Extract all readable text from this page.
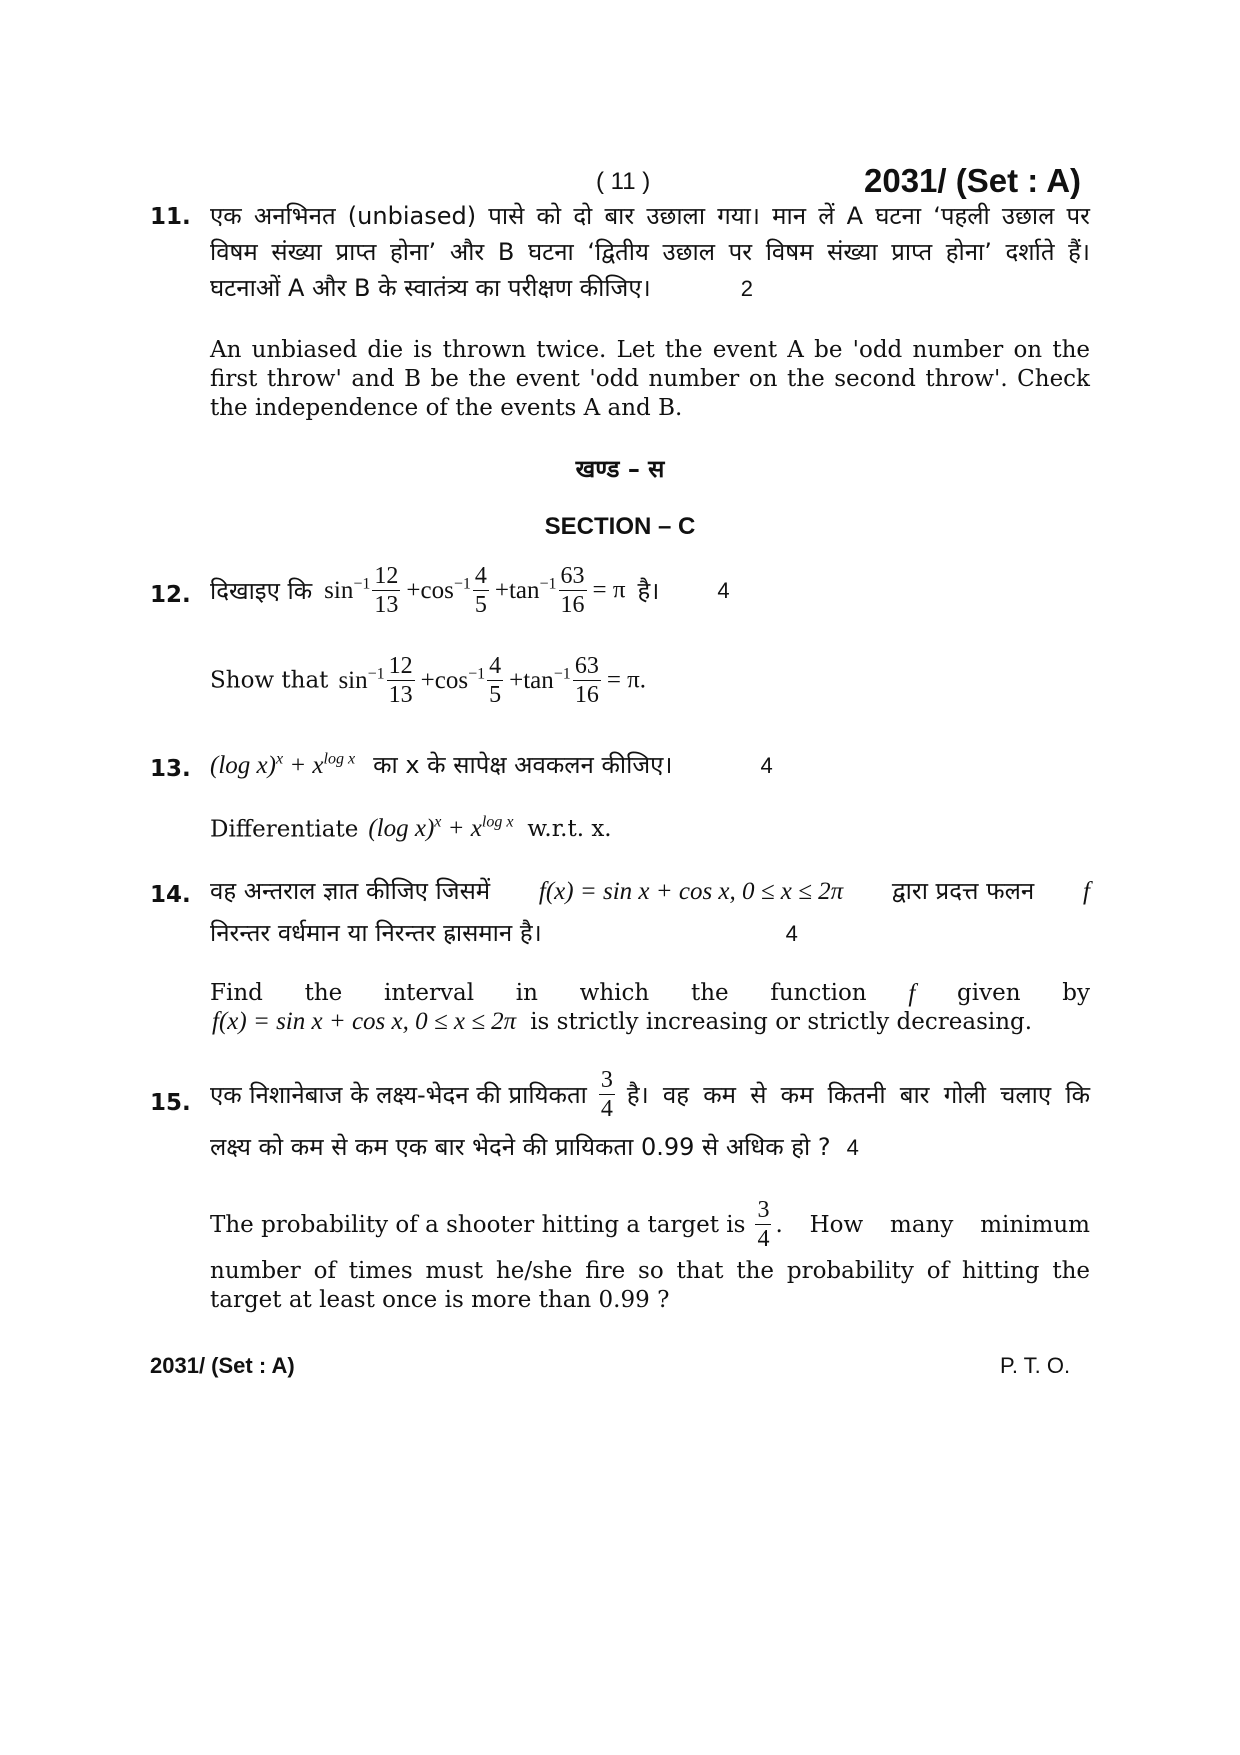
( 11 )	2031/ (Set : A)
11. एक अनभिनत (unbiased) पासे को दो बार उछाला गया। मान लें A घटना ‘पहली उछाल पर
विषम संख्या प्राप्त होना’ और B घटना ‘द्वितीय उछाल पर विषम संख्या प्राप्त होना’ दर्शाते हैं।
घटनाओं A और B के स्वातंत्र्य का परीक्षण कीजिए।	2
An unbiased die is thrown twice. Let the event A be 'odd number on the first throw' and B be the event 'odd number on the second throw'. Check the independence of the events A and B.
खण्ड – स
SECTION – C
12. दिखाइए कि $\sin^{-1} \frac{12}{13} +\cos^{-1} \frac{4}{5} +\tan^{-1} \frac{63}{16} = \pi$ है।	4
Show that $\sin^{-1} \frac{12}{13} +\cos^{-1} \frac{4}{5} +\tan^{-1} \frac{63}{16} = \pi$.
13. (log $x)^x + x^{log x}$ का x के सापेक्ष अवकलन कीजिए।	4
Differentiate (log $x)^x + x^{log x}$ w.r.t. x.
14. वह अन्तराल ज्ञात कीजिए जिसमें f(x) = sin x + cos x, 0 ≤ x ≤ 2π द्वारा प्रदत्त फलन f
निरन्तर वर्धमान या निरन्तर ह्रासमान है।	4
Find the interval in which the function f given by
f(x) = sin x + cos x, 0 ≤ x ≤ 2π is strictly increasing or strictly decreasing.
15. एक निशानेबाज के लक्ष्य-भेदन की प्रायिकता $\frac{3}{4}$ है। वह कम से कम कितनी बार गोली चलाए कि
लक्ष्य को कम से कम एक बार भेदने की प्रायिकता 0.99 से अधिक हो ? 4
The probability of a shooter hitting a target is $\frac{3}{4}$ . How many minimum
number of times must he/she fire so that the probability of hitting the target at least once is more than 0.99 ?
2031/ (Set : A)	P. T. O.
